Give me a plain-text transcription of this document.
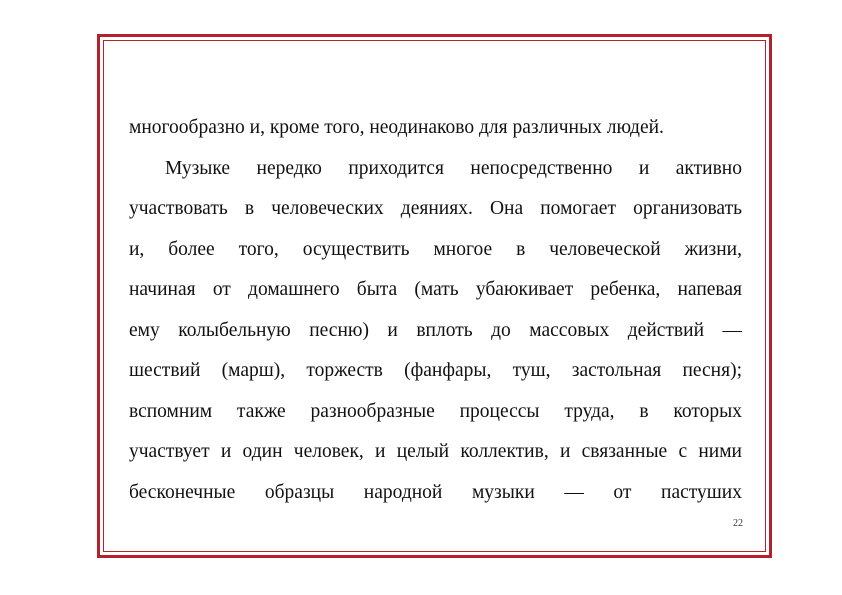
многообразно и, кроме того, неодинаково для различных людей.
Музыке нередко приходится непосредственно и активно
участвовать в человеческих деяниях. Она помогает организовать
и, более того, осуществить многое в человеческой жизни,
начиная от домашнего быта (мать убаюкивает ребенка, напевая
ему колыбельную песню) и вплоть до массовых действий —
шествий (марш), торжеств (фанфары, туш, застольная песня);
вспомним также разнообразные процессы труда, в которых
участвует и один человек, и целый коллектив, и связанные с ними
бесконечные образцы народной музыки — от пастуших
22
